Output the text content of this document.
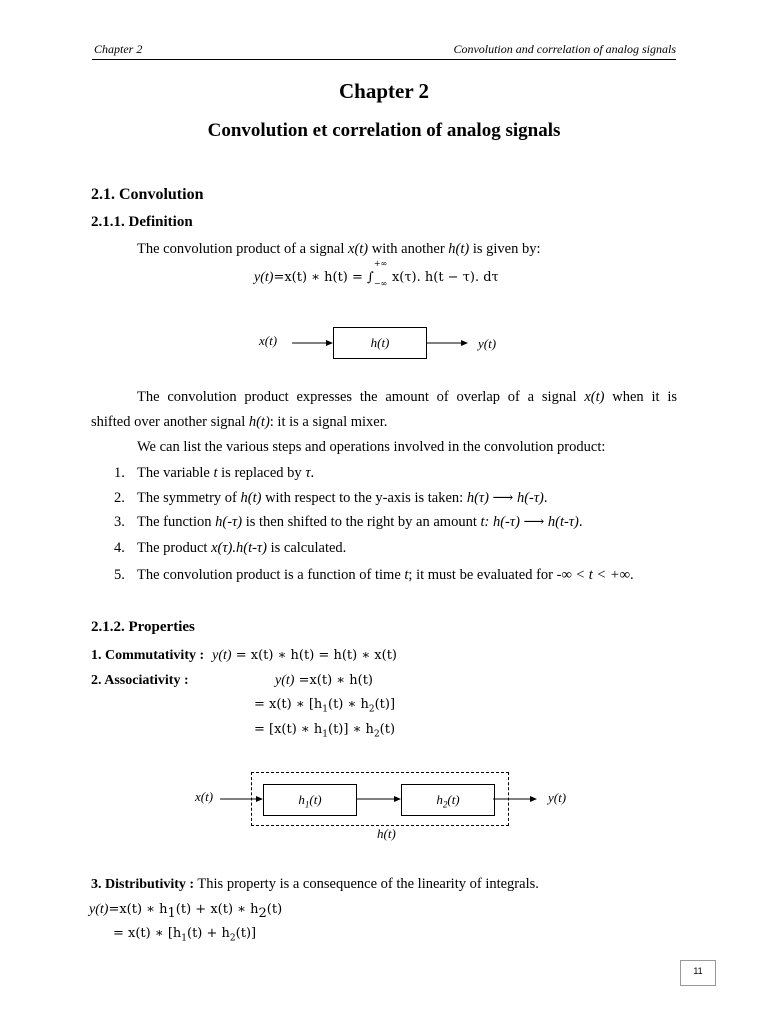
Chapter 2	Convolution and correlation of analog signals
Chapter 2
Convolution et correlation of analog signals
2.1. Convolution
2.1.1. Definition
The convolution product of a signal x(t) with another h(t) is given by:
y(t)=x(t) ∗ h(t) = ∫
+∞
−∞ x(τ). h(t − τ). dτ
x(t)	h(t)	y(t)
The convolution product expresses the amount of overlap of a signal x(t) when it is
shifted over another signal h(t): it is a signal mixer.
We can list the various steps and operations involved in the convolution product:
1. The variable t is replaced by τ.
2. The symmetry of h(t) with respect to the y-axis is taken: h(τ) ⟶ h(-τ).
3. The function h(-τ) is then shifted to the right by an amount t: h(-τ) ⟶ h(t-τ).
4. The product x(τ).h(t-τ) is calculated.
5. The convolution product is a function of time t; it must be evaluated for -∞ < t < +∞.
2.1.2. Properties
1. Commutativity : y(t) = x(t) ∗ h(t) = h(t) ∗ x(t)
2. Associativity :	y(t) =x(t) ∗ h(t)
= x(t) ∗ [$h_1(t)$ ∗ $h_2(t)$]
= [x(t) ∗ $h_1(t)$] ∗ $h_2(t)$
x(t)	$h_1(t)$	$h_2(t)$	y(t)
h(t)
3. Distributivity : This property is a consequence of the linearity of integrals.
y(t)=x(t) ∗ $h_1(t) + x(t)$ ∗ $h_2(t)$
= x(t) ∗ $[h_1(t) + h_2(t)]$
11
